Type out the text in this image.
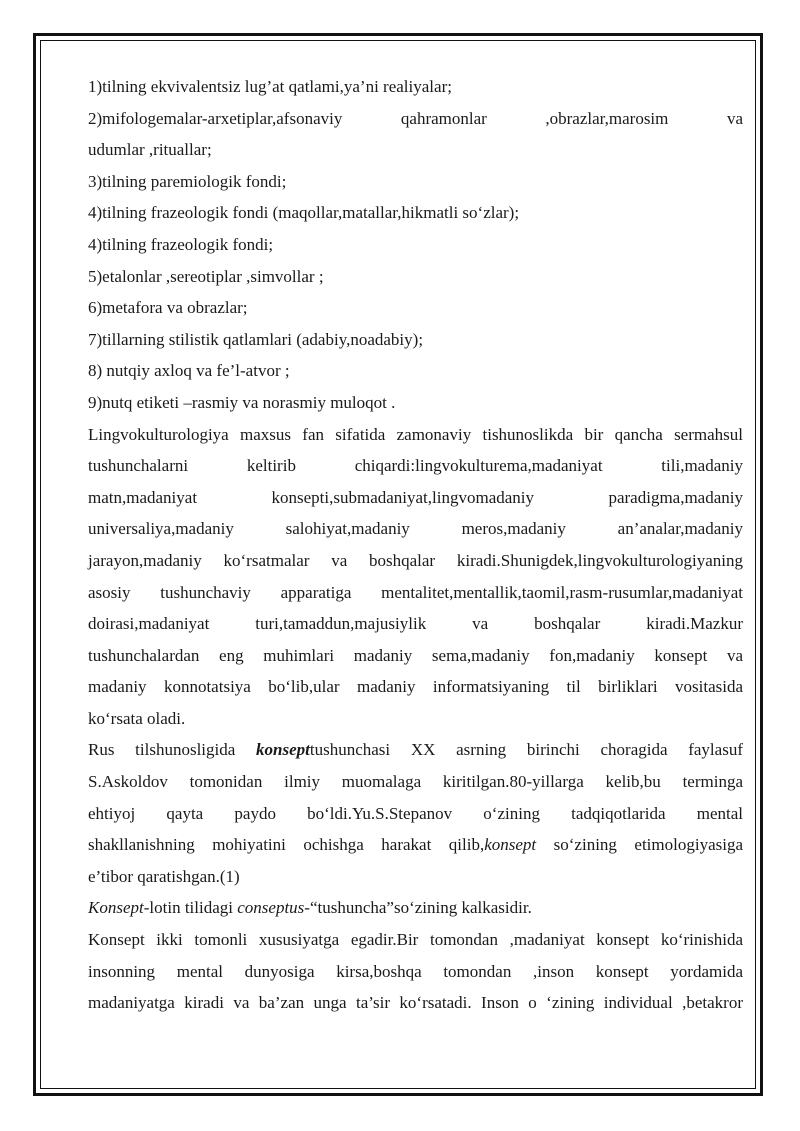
1)tilning ekvivalentsiz lug’at qatlami,ya’ni realiyalar;
2)mifologemalar-arxetiplar,afsonaviy qahramonlar ,obrazlar,marosim va
udumlar ,rituallar;
3)tilning paremiologik fondi;
4)tilning frazeologik fondi (maqollar,matallar,hikmatli so‘zlar);
4)tilning frazeologik fondi;
5)etalonlar ,sereotiplar ,simvollar ;
6)metafora va obrazlar;
7)tillarning stilistik qatlamlari (adabiy,noadabiy);
8) nutqiy axloq va fe’l-atvor ;
9)nutq etiketi –rasmiy va norasmiy muloqot .
Lingvokulturologiya maxsus fan sifatida zamonaviy tishunoslikda bir qancha sermahsul
tushunchalarni keltirib chiqardi:lingvokulturema,madaniyat tili,madaniy
matn,madaniyat konsepti,submadaniyat,lingvomadaniy paradigma,madaniy
universaliya,madaniy salohiyat,madaniy meros,madaniy an’analar,madaniy
jarayon,madaniy ko‘rsatmalar va boshqalar kiradi.Shunigdek,lingvokulturologiyaning
asosiy tushunchaviy apparatiga mentalitet,mentallik,taomil,rasm-rusumlar,madaniyat
doirasi,madaniyat turi,tamaddun,majusiylik va boshqalar kiradi.Mazkur
tushunchalardan eng muhimlari madaniy sema,madaniy fon,madaniy konsept va
madaniy konnotatsiya bo‘lib,ular madaniy informatsiyaning til birliklari vositasida
ko‘rsata oladi.
Rus tilshunosligida konsepttushunchasi XX asrning birinchi choragida faylasuf
S.Askoldov tomonidan ilmiy muomalaga kiritilgan.80-yillarga kelib,bu terminga
ehtiyoj qayta paydo bo‘ldi.Yu.S.Stepanov o‘zining tadqiqotlarida mental
shakllanishning mohiyatini ochishga harakat qilib,konsept so‘zining etimologiyasiga
e’tibor qaratishgan.(1)
Konsept-lotin tilidagi conseptus-“tushuncha”so‘zining kalkasidir.
Konsept ikki tomonli xususiyatga egadir.Bir tomondan ,madaniyat konsept ko‘rinishida
insonning mental dunyosiga kirsa,boshqa tomondan ,inson konsept yordamida
madaniyatga kiradi va ba’zan unga ta’sir ko‘rsatadi. Inson o ‘zining individual ,betakror
